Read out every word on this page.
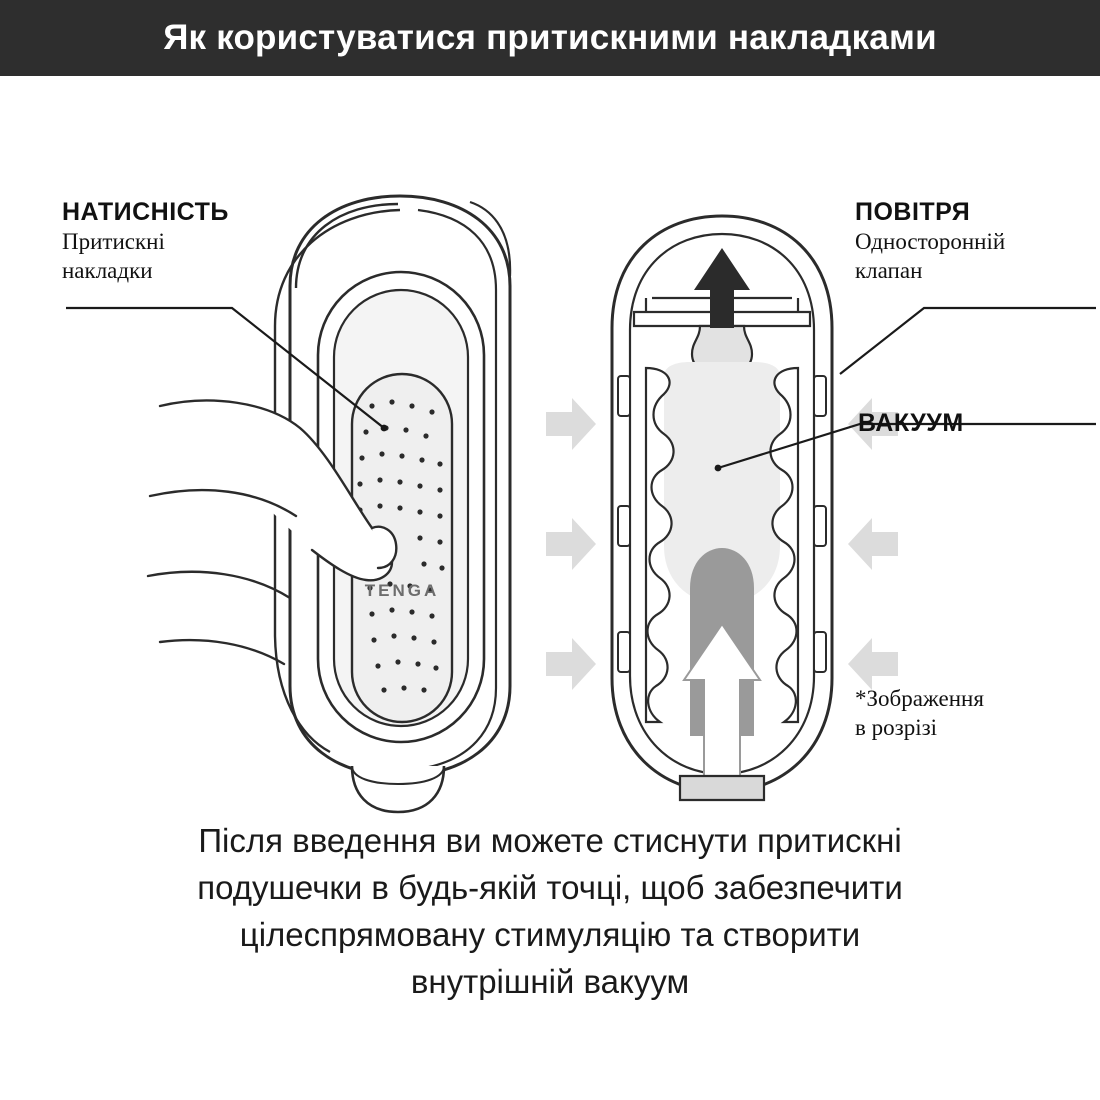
Як користуватися притискними накладками
TENGA
НАТИСНІСТЬ
Притискні
накладки
ПОВІТРЯ
Односторонній
клапан
ВАКУУМ
*Зображення
в розрізі
Після введення ви можете стиснути притискні
подушечки в будь-якій точці, щоб забезпечити
цілеспрямовану стимуляцію та створити
внутрішній вакуум
